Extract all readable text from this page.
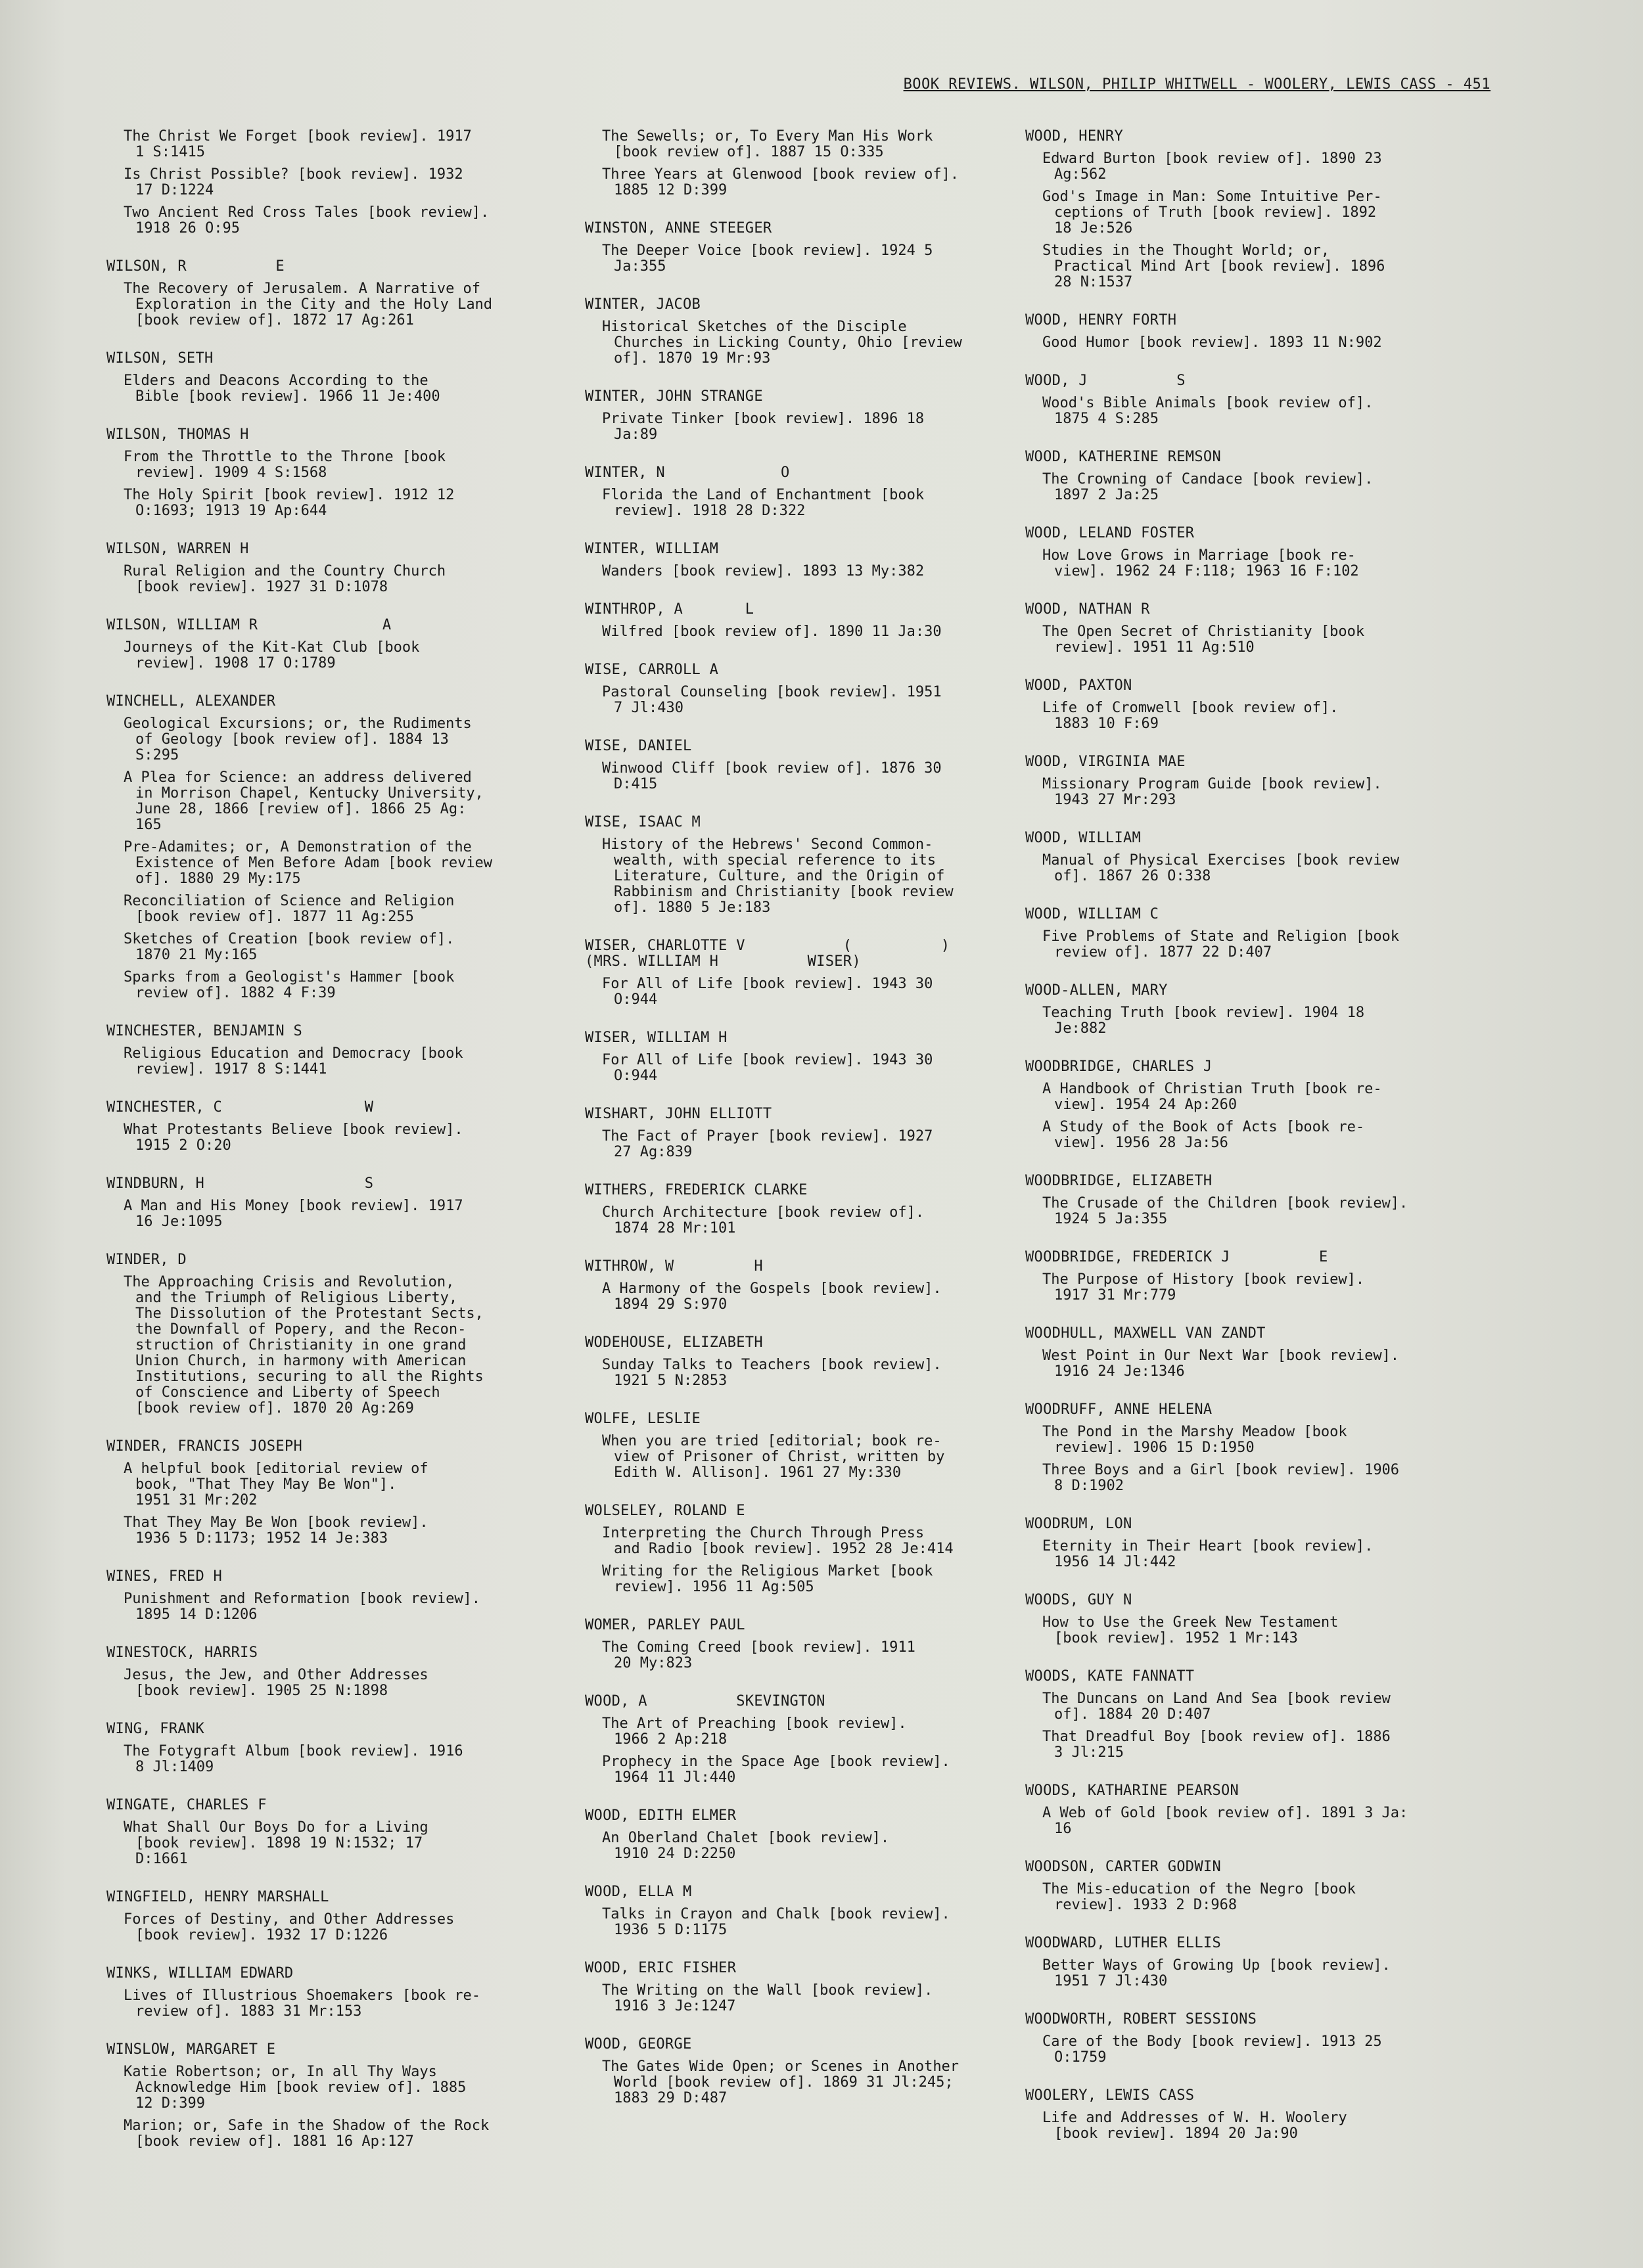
BOOK REVIEWS. WILSON, PHILIP WHITWELL - WOOLERY, LEWIS CASS - 451
The Christ We Forget [book review]. 1917
1 S:1415
Is Christ Possible? [book review]. 1932
17 D:1224
Two Ancient Red Cross Tales [book review].
1918 26 O:95
WILSON, R          E
The Recovery of Jerusalem. A Narrative of
Exploration in the City and the Holy Land
[book review of]. 1872 17 Ag:261
WILSON, SETH
Elders and Deacons According to the
Bible [book review]. 1966 11 Je:400
WILSON, THOMAS H
From the Throttle to the Throne [book
review]. 1909 4 S:1568
The Holy Spirit [book review]. 1912 12
O:1693; 1913 19 Ap:644
WILSON, WARREN H
Rural Religion and the Country Church
[book review]. 1927 31 D:1078
WILSON, WILLIAM R              A
Journeys of the Kit-Kat Club [book
review]. 1908 17 O:1789
WINCHELL, ALEXANDER
Geological Excursions; or, the Rudiments
of Geology [book review of]. 1884 13
S:295
A Plea for Science: an address delivered
in Morrison Chapel, Kentucky University,
June 28, 1866 [review of]. 1866 25 Ag:
165
Pre-Adamites; or, A Demonstration of the
Existence of Men Before Adam [book review
of]. 1880 29 My:175
Reconciliation of Science and Religion
[book review of]. 1877 11 Ag:255
Sketches of Creation [book review of].
1870 21 My:165
Sparks from a Geologist's Hammer [book
review of]. 1882 4 F:39
WINCHESTER, BENJAMIN S
Religious Education and Democracy [book
review]. 1917 8 S:1441
WINCHESTER, C                W
What Protestants Believe [book review].
1915 2 O:20
WINDBURN, H                  S
A Man and His Money [book review]. 1917
16 Je:1095
WINDER, D
The Approaching Crisis and Revolution,
and the Triumph of Religious Liberty,
The Dissolution of the Protestant Sects,
the Downfall of Popery, and the Recon-
struction of Christianity in one grand
Union Church, in harmony with American
Institutions, securing to all the Rights
of Conscience and Liberty of Speech
[book review of]. 1870 20 Ag:269
WINDER, FRANCIS JOSEPH
A helpful book [editorial review of
book, "That They May Be Won"].
1951 31 Mr:202
That They May Be Won [book review].
1936 5 D:1173; 1952 14 Je:383
WINES, FRED H
Punishment and Reformation [book review].
1895 14 D:1206
WINESTOCK, HARRIS
Jesus, the Jew, and Other Addresses
[book review]. 1905 25 N:1898
WING, FRANK
The Fotygraft Album [book review]. 1916
8 Jl:1409
WINGATE, CHARLES F
What Shall Our Boys Do for a Living
[book review]. 1898 19 N:1532; 17
D:1661
WINGFIELD, HENRY MARSHALL
Forces of Destiny, and Other Addresses
[book review]. 1932 17 D:1226
WINKS, WILLIAM EDWARD
Lives of Illustrious Shoemakers [book re-
review of]. 1883 31 Mr:153
WINSLOW, MARGARET E
Katie Robertson; or, In all Thy Ways
Acknowledge Him [book review of]. 1885
12 D:399
Marion; or, Safe in the Shadow of the Rock
[book review of]. 1881 16 Ap:127
The Sewells; or, To Every Man His Work
[book review of]. 1887 15 O:335
Three Years at Glenwood [book review of].
1885 12 D:399
WINSTON, ANNE STEEGER
The Deeper Voice [book review]. 1924 5
Ja:355
WINTER, JACOB
Historical Sketches of the Disciple
Churches in Licking County, Ohio [review
of]. 1870 19 Mr:93
WINTER, JOHN STRANGE
Private Tinker [book review]. 1896 18
Ja:89
WINTER, N             O
Florida the Land of Enchantment [book
review]. 1918 28 D:322
WINTER, WILLIAM
Wanders [book review]. 1893 13 My:382
WINTHROP, A       L
Wilfred [book review of]. 1890 11 Ja:30
WISE, CARROLL A
Pastoral Counseling [book review]. 1951
7 Jl:430
WISE, DANIEL
Winwood Cliff [book review of]. 1876 30
D:415
WISE, ISAAC M
History of the Hebrews' Second Common-
wealth, with special reference to its
Literature, Culture, and the Origin of
Rabbinism and Christianity [book review
of]. 1880 5 Je:183
WISER, CHARLOTTE V           (          )
(MRS. WILLIAM H          WISER)
For All of Life [book review]. 1943 30
O:944
WISER, WILLIAM H
For All of Life [book review]. 1943 30
O:944
WISHART, JOHN ELLIOTT
The Fact of Prayer [book review]. 1927
27 Ag:839
WITHERS, FREDERICK CLARKE
Church Architecture [book review of].
1874 28 Mr:101
WITHROW, W         H
A Harmony of the Gospels [book review].
1894 29 S:970
WODEHOUSE, ELIZABETH
Sunday Talks to Teachers [book review].
1921 5 N:2853
WOLFE, LESLIE
When you are tried [editorial; book re-
view of Prisoner of Christ, written by
Edith W. Allison]. 1961 27 My:330
WOLSELEY, ROLAND E
Interpreting the Church Through Press
and Radio [book review]. 1952 28 Je:414
Writing for the Religious Market [book
review]. 1956 11 Ag:505
WOMER, PARLEY PAUL
The Coming Creed [book review]. 1911
20 My:823
WOOD, A          SKEVINGTON
The Art of Preaching [book review].
1966 2 Ap:218
Prophecy in the Space Age [book review].
1964 11 Jl:440
WOOD, EDITH ELMER
An Oberland Chalet [book review].
1910 24 D:2250
WOOD, ELLA M
Talks in Crayon and Chalk [book review].
1936 5 D:1175
WOOD, ERIC FISHER
The Writing on the Wall [book review].
1916 3 Je:1247
WOOD, GEORGE
The Gates Wide Open; or Scenes in Another
World [book review of]. 1869 31 Jl:245;
1883 29 D:487
WOOD, HENRY
Edward Burton [book review of]. 1890 23
Ag:562
God's Image in Man: Some Intuitive Per-
ceptions of Truth [book review]. 1892
18 Je:526
Studies in the Thought World; or,
Practical Mind Art [book review]. 1896
28 N:1537
WOOD, HENRY FORTH
Good Humor [book review]. 1893 11 N:902
WOOD, J          S
Wood's Bible Animals [book review of].
1875 4 S:285
WOOD, KATHERINE REMSON
The Crowning of Candace [book review].
1897 2 Ja:25
WOOD, LELAND FOSTER
How Love Grows in Marriage [book re-
view]. 1962 24 F:118; 1963 16 F:102
WOOD, NATHAN R
The Open Secret of Christianity [book
review]. 1951 11 Ag:510
WOOD, PAXTON
Life of Cromwell [book review of].
1883 10 F:69
WOOD, VIRGINIA MAE
Missionary Program Guide [book review].
1943 27 Mr:293
WOOD, WILLIAM
Manual of Physical Exercises [book review
of]. 1867 26 O:338
WOOD, WILLIAM C
Five Problems of State and Religion [book
review of]. 1877 22 D:407
WOOD-ALLEN, MARY
Teaching Truth [book review]. 1904 18
Je:882
WOODBRIDGE, CHARLES J
A Handbook of Christian Truth [book re-
view]. 1954 24 Ap:260
A Study of the Book of Acts [book re-
view]. 1956 28 Ja:56
WOODBRIDGE, ELIZABETH
The Crusade of the Children [book review].
1924 5 Ja:355
WOODBRIDGE, FREDERICK J          E
The Purpose of History [book review].
1917 31 Mr:779
WOODHULL, MAXWELL VAN ZANDT
West Point in Our Next War [book review].
1916 24 Je:1346
WOODRUFF, ANNE HELENA
The Pond in the Marshy Meadow [book
review]. 1906 15 D:1950
Three Boys and a Girl [book review]. 1906
8 D:1902
WOODRUM, LON
Eternity in Their Heart [book review].
1956 14 Jl:442
WOODS, GUY N
How to Use the Greek New Testament
[book review]. 1952 1 Mr:143
WOODS, KATE FANNATT
The Duncans on Land And Sea [book review
of]. 1884 20 D:407
That Dreadful Boy [book review of]. 1886
3 Jl:215
WOODS, KATHARINE PEARSON
A Web of Gold [book review of]. 1891 3 Ja:
16
WOODSON, CARTER GODWIN
The Mis-education of the Negro [book
review]. 1933 2 D:968
WOODWARD, LUTHER ELLIS
Better Ways of Growing Up [book review].
1951 7 Jl:430
WOODWORTH, ROBERT SESSIONS
Care of the Body [book review]. 1913 25
O:1759
WOOLERY, LEWIS CASS
Life and Addresses of W. H. Woolery
[book review]. 1894 20 Ja:90
